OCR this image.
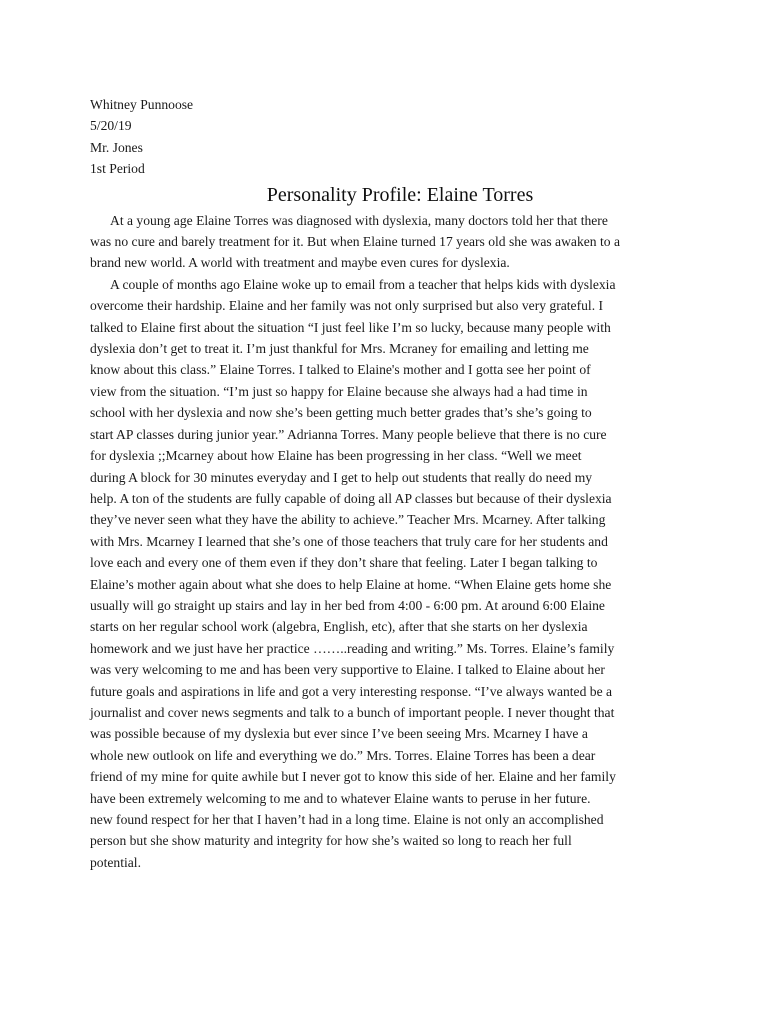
Whitney Punnoose
5/20/19
Mr. Jones
1st Period
Personality Profile: Elaine Torres
At a young age Elaine Torres was diagnosed with dyslexia, many doctors told her that there
was no cure and barely treatment for it. But when Elaine turned 17 years old she was awaken to a
brand new world. A world with treatment and maybe even cures for dyslexia.
A couple of months ago Elaine woke up to email from a teacher that helps kids with dyslexia
overcome their hardship. Elaine and her family was not only surprised but also very grateful. I
talked to Elaine first about the situation “I just feel like I’m so lucky, because many people with
dyslexia don’t get to treat it. I’m just thankful for Mrs. Mcraney for emailing and letting me
know about this class.” Elaine Torres. I talked to Elaine's mother and I gotta see her point of
view from the situation. “I’m just so happy for Elaine because she always had a had time in
school with her dyslexia and now she’s been getting much better grades that’s she’s going to
start AP classes during junior year.” Adrianna Torres. Many people believe that there is no cure
for dyslexia ;;Mcarney about how Elaine has been progressing in her class. “Well we meet
during A block for 30 minutes everyday and I get to help out students that really do need my
help. A ton of the students are fully capable of doing all AP classes but because of their dyslexia
they’ve never seen what they have the ability to achieve.” Teacher Mrs. Mcarney. After talking
with Mrs. Mcarney I learned that she’s one of those teachers that truly care for her students and
love each and every one of them even if they don’t share that feeling. Later I began talking to
Elaine’s mother again about what she does to help Elaine at home. “When Elaine gets home she
usually will go straight up stairs and lay in her bed from 4:00 - 6:00 pm. At around 6:00 Elaine
starts on her regular school work (algebra, English, etc), after that she starts on her dyslexia
homework and we just have her practice ……..reading and writing.” Ms. Torres. Elaine’s family
was very welcoming to me and has been very supportive to Elaine. I talked to Elaine about her
future goals and aspirations in life and got a very interesting response. “I’ve always wanted be a
journalist and cover news segments and talk to a bunch of important people. I never thought that
was possible because of my dyslexia but ever since I’ve been seeing Mrs. Mcarney I have a
whole new outlook on life and everything we do.” Mrs. Torres. Elaine Torres has been a dear
friend of my mine for quite awhile but I never got to know this side of her. Elaine and her family
have been extremely welcoming to me and to whatever Elaine wants to peruse in her future.
new found respect for her that I haven’t had in a long time. Elaine is not only an accomplished
person but she show maturity and integrity for how she’s waited so long to reach her full
potential.
